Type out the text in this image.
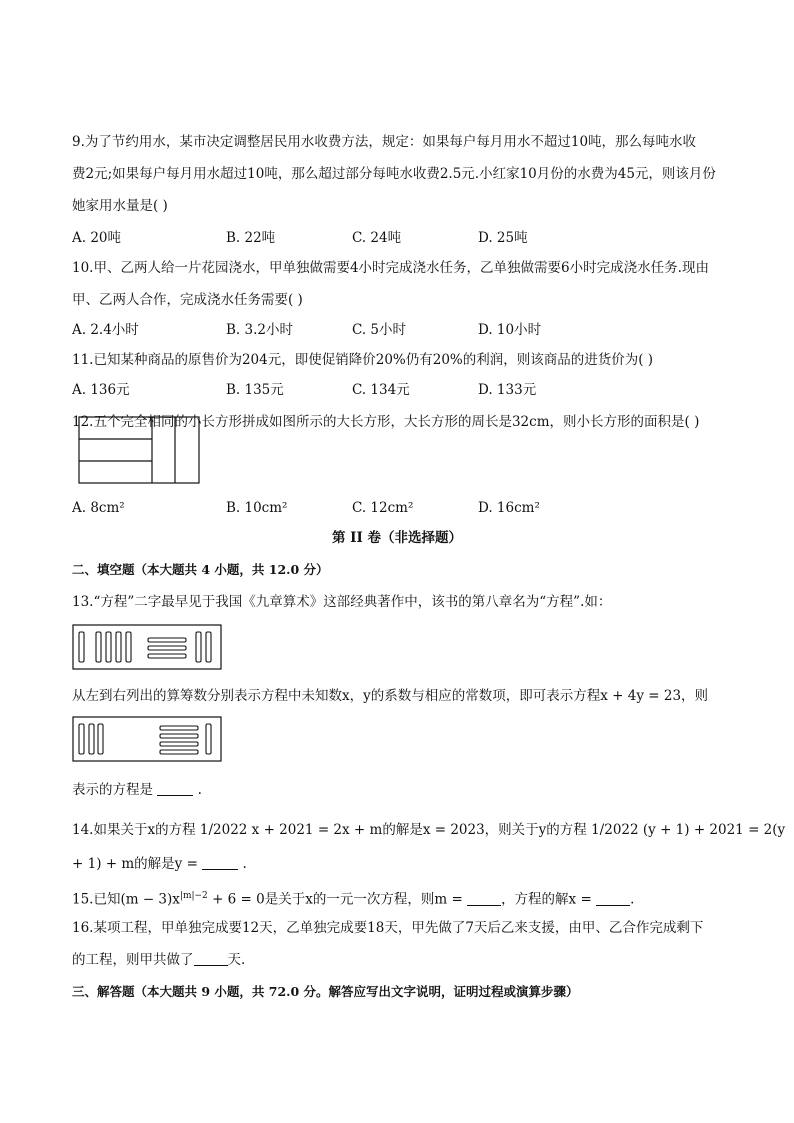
9.为了节约用水，某市决定调整居民用水收费方法，规定：如果每户每月用水不超过10吨，那么每吨水收
费2元;如果每户每月用水超过10吨，那么超过部分每吨水收费2.5元.小红家10月份的水费为45元，则该月份
她家用水量是( )
A. 20吨	B. 22吨	C. 24吨	D. 25吨
10.甲、乙两人给一片花园浇水，甲单独做需要4小时完成浇水任务，乙单独做需要6小时完成浇水任务.现由
甲、乙两人合作，完成浇水任务需要( )
A. 2.4小时	B. 3.2小时	C. 5小时	D. 10小时
11.已知某种商品的原售价为204元，即使促销降价20%仍有20%的利润，则该商品的进货价为( )
A. 136元	B. 135元	C. 134元	D. 133元
12.五个完全相同的小长方形拼成如图所示的大长方形，大长方形的周长是32cm，则小长方形的面积是( )
A. 8cm²	B. 10cm²	C. 12cm²	D. 16cm²
第 II 卷（非选择题）
二、填空题（本大题共 4 小题，共 12.0 分）
13.“方程”二字最早见于我国《九章算术》这部经典著作中，该书的第八章名为“方程”.如：
从左到右列出的算筹数分别表示方程中未知数x，y的系数与相应的常数项，即可表示方程x + 4y = 23，则
表示的方程是	.
14.如果关于x的方程 1/2022 x + 2021 = 2x + m的解是x = 2023，则关于y的方程 1/2022 (y + 1) + 2021 = 2(y
+ 1) + m的解是y =	.
15.已知$(m - 3)x^{|m|-2} + 6 = 0$是关于x的一元一次方程，则m =	，方程的解x =	.
16.某项工程，甲单独完成要12天，乙单独完成要18天，甲先做了7天后乙来支援，由甲、乙合作完成剩下
的工程，则甲共做了	天.
三、解答题（本大题共 9 小题，共 72.0 分。解答应写出文字说明，证明过程或演算步骤）
